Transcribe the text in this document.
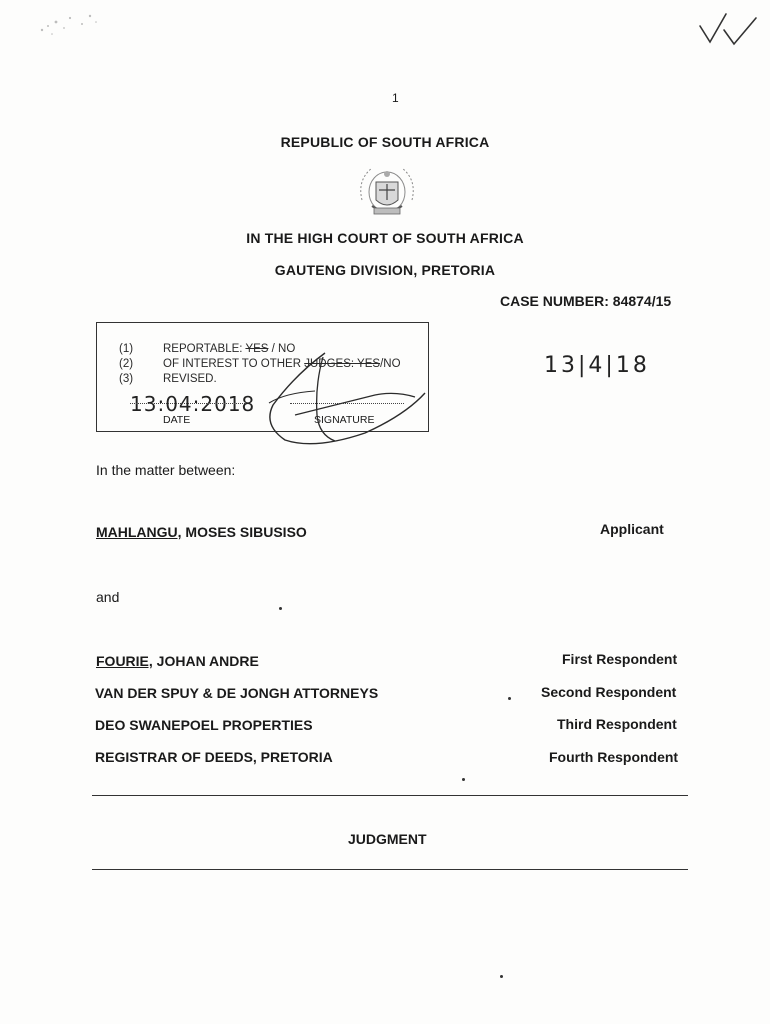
1
REPUBLIC OF SOUTH AFRICA
IN THE HIGH COURT OF SOUTH AFRICA
GAUTENG DIVISION, PRETORIA
CASE NUMBER: 84874/15
(1)	REPORTABLE: YES / NO
(2)	OF INTEREST TO OTHER JUDGES: YES/NO
(3)	REVISED.
13:04:2018
DATE	SIGNATURE
13|4|18
In the matter between:
MAHLANGU, MOSES SIBUSISO	Applicant
and
FOURIE, JOHAN ANDRE	First Respondent
VAN DER SPUY & DE JONGH ATTORNEYS	Second Respondent
DEO SWANEPOEL PROPERTIES	Third Respondent
REGISTRAR OF DEEDS, PRETORIA	Fourth Respondent
JUDGMENT
